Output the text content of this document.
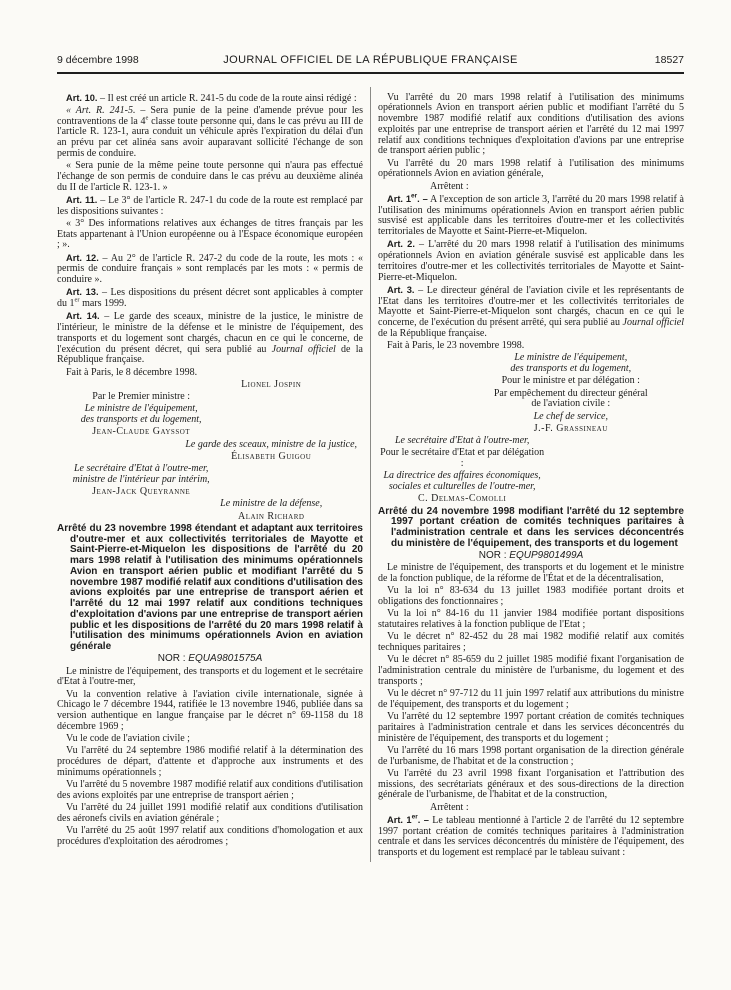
9 décembre 1998	JOURNAL OFFICIEL DE LA RÉPUBLIQUE FRANÇAISE	18527

Art. 10. – Il est créé un article R. 241-5 du code de la route ainsi rédigé :

« Art. R. 241-5. – Sera punie de la peine d'amende prévue pour les contraventions de la 4e classe toute personne qui, dans le cas prévu au III de l'article R. 123-1, aura conduit un véhicule après l'expiration du délai d'un an prévu par cet alinéa sans avoir auparavant sollicité l'échange de son permis de conduire.

« Sera punie de la même peine toute personne qui n'aura pas effectué l'échange de son permis de conduire dans le cas prévu au deuxième alinéa du II de l'article R. 123-1. »

Art. 11. – Le 3° de l'article R. 247-1 du code de la route est remplacé par les dispositions suivantes :

« 3° Des informations relatives aux échanges de titres français par les Etats appartenant à l'Union européenne ou à l'Espace économique européen ; ».

Art. 12. – Au 2° de l'article R. 247-2 du code de la route, les mots : « permis de conduire français » sont remplacés par les mots : « permis de conduire ».

Art. 13. – Les dispositions du présent décret sont applicables à compter du 1er mars 1999.

Art. 14. – Le garde des sceaux, ministre de la justice, le ministre de l'intérieur, le ministre de la défense et le ministre de l'équipement, des transports et du logement sont chargés, chacun en ce qui le concerne, de l'exécution du présent décret, qui sera publié au Journal officiel de la République française.

Fait à Paris, le 8 décembre 1998.

Lionel Jospin

Par le Premier ministre :

Le ministre de l'équipement,
des transports et du logement,

Jean-Claude Gayssot

Le garde des sceaux, ministre de la justice,

Élisabeth Guigou

Le secrétaire d'Etat à l'outre-mer,
ministre de l'intérieur par intérim,

Jean-Jack Queyranne

Le ministre de la défense,

Alain Richard

Arrêté du 23 novembre 1998 étendant et adaptant aux territoires d'outre-mer et aux collectivités territoriales de Mayotte et Saint-Pierre-et-Miquelon les dispositions de l'arrêté du 20 mars 1998 relatif à l'utilisation des minimums opérationnels Avion en transport aérien public et modifiant l'arrêté du 5 novembre 1987 modifié relatif aux conditions d'utilisation des avions exploités par une entreprise de transport aérien et l'arrêté du 12 mai 1997 relatif aux conditions techniques d'exploitation d'avions par une entreprise de transport aérien public et les dispositions de l'arrêté du 20 mars 1998 relatif à l'utilisation des minimums opérationnels Avion en aviation générale

NOR : EQUA9801575A

Le ministre de l'équipement, des transports et du logement et le secrétaire d'Etat à l'outre-mer,

Vu la convention relative à l'aviation civile internationale, signée à Chicago le 7 décembre 1944, ratifiée le 13 novembre 1946, publiée dans sa version authentique en langue française par le décret n° 69-1158 du 18 décembre 1969 ;

Vu le code de l'aviation civile ;

Vu l'arrêté du 24 septembre 1986 modifié relatif à la détermination des procédures de départ, d'attente et d'approche aux instruments et des minimums opérationnels ;

Vu l'arrêté du 5 novembre 1987 modifié relatif aux conditions d'utilisation des avions exploités par une entreprise de transport aérien ;

Vu l'arrêté du 24 juillet 1991 modifié relatif aux conditions d'utilisation des aéronefs civils en aviation générale ;

Vu l'arrêté du 25 août 1997 relatif aux conditions d'homologation et aux procédures d'exploitation des aérodromes ;

Vu l'arrêté du 20 mars 1998 relatif à l'utilisation des minimums opérationnels Avion en transport aérien public et modifiant l'arrêté du 5 novembre 1987 modifié relatif aux conditions d'utilisation des avions exploités par une entreprise de transport aérien et l'arrêté du 12 mai 1997 relatif aux conditions techniques d'exploitation d'avions par une entreprise de transport aérien public ;

Vu l'arrêté du 20 mars 1998 relatif à l'utilisation des minimums opérationnels Avion en aviation générale,

Arrêtent :

Art. 1er. – A l'exception de son article 3, l'arrêté du 20 mars 1998 relatif à l'utilisation des minimums opérationnels Avion en transport aérien public susvisé est applicable dans les territoires d'outre-mer et les collectivités territoriales de Mayotte et Saint-Pierre-et-Miquelon.

Art. 2. – L'arrêté du 20 mars 1998 relatif à l'utilisation des minimums opérationnels Avion en aviation générale susvisé est applicable dans les territoires d'outre-mer et les collectivités territoriales de Mayotte et Saint-Pierre-et-Miquelon.

Art. 3. – Le directeur général de l'aviation civile et les représentants de l'Etat dans les territoires d'outre-mer et les collectivités territoriales de Mayotte et Saint-Pierre-et-Miquelon sont chargés, chacun en ce qui le concerne, de l'exécution du présent arrêté, qui sera publié au Journal officiel de la République française.

Fait à Paris, le 23 novembre 1998.

Le ministre de l'équipement,
des transports et du logement,

Pour le ministre et par délégation :

Par empêchement du directeur général
de l'aviation civile :

Le chef de service,

J.-F. Grassineau

Le secrétaire d'Etat à l'outre-mer,

Pour le secrétaire d'Etat et par délégation :

La directrice des affaires économiques,
sociales et culturelles de l'outre-mer,

C. Delmas-Comolli

Arrêté du 24 novembre 1998 modifiant l'arrêté du 12 septembre 1997 portant création de comités techniques paritaires à l'administration centrale et dans les services déconcentrés du ministère de l'équipement, des transports et du logement

NOR : EQUP9801499A

Le ministre de l'équipement, des transports et du logement et le ministre de la fonction publique, de la réforme de l'État et de la décentralisation,

Vu la loi n° 83-634 du 13 juillet 1983 modifiée portant droits et obligations des fonctionnaires ;

Vu la loi n° 84-16 du 11 janvier 1984 modifiée portant dispositions statutaires relatives à la fonction publique de l'Etat ;

Vu le décret n° 82-452 du 28 mai 1982 modifié relatif aux comités techniques paritaires ;

Vu le décret n° 85-659 du 2 juillet 1985 modifié fixant l'organisation de l'administration centrale du ministère de l'urbanisme, du logement et des transports ;

Vu le décret n° 97-712 du 11 juin 1997 relatif aux attributions du ministre de l'équipement, des transports et du logement ;

Vu l'arrêté du 12 septembre 1997 portant création de comités techniques paritaires à l'administration centrale et dans les services déconcentrés du ministère de l'équipement, des transports et du logement ;

Vu l'arrêté du 16 mars 1998 portant organisation de la direction générale de l'urbanisme, de l'habitat et de la construction ;

Vu l'arrêté du 23 avril 1998 fixant l'organisation et l'attribution des missions, des secrétariats généraux et des sous-directions de la direction générale de l'urbanisme, de l'habitat et de la construction,

Arrêtent :

Art. 1er. – Le tableau mentionné à l'article 2 de l'arrêté du 12 septembre 1997 portant création de comités techniques paritaires à l'administration centrale et dans les services déconcentrés du ministère de l'équipement, des transports et du logement est remplacé par le tableau suivant :
